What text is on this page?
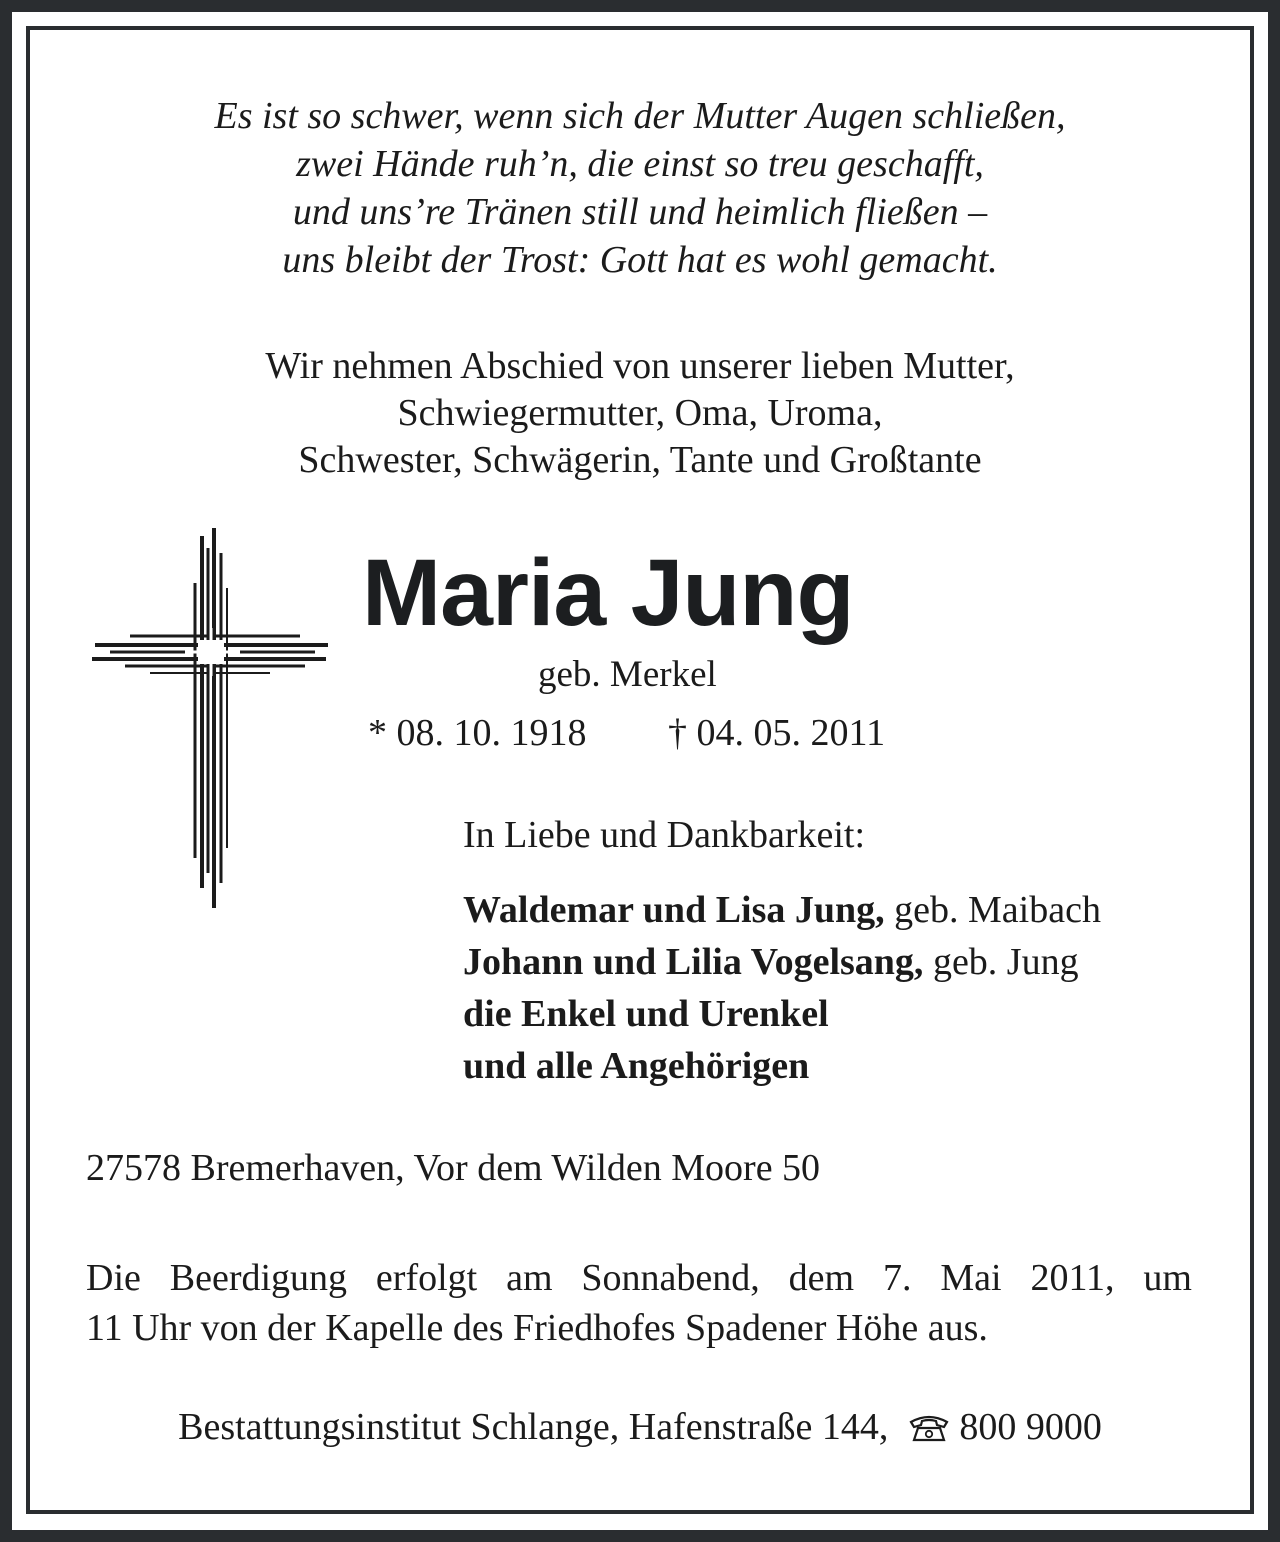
Es ist so schwer, wenn sich der Mutter Augen schließen,
zwei Hände ruh’n, die einst so treu geschafft,
und uns’re Tränen still und heimlich fließen –
uns bleibt der Trost: Gott hat es wohl gemacht.
Wir nehmen Abschied von unserer lieben Mutter,
Schwiegermutter, Oma, Uroma,
Schwester, Schwägerin, Tante und Großtante
Maria Jung
geb. Merkel
* 08. 10. 1918 † 04. 05. 2011
In Liebe und Dankbarkeit:
Waldemar und Lisa Jung, geb. Maibach
Johann und Lilia Vogelsang, geb. Jung
die Enkel und Urenkel
und alle Angehörigen
27578 Bremerhaven, Vor dem Wilden Moore 50
Die Beerdigung erfolgt am Sonnabend, dem 7. Mai 2011, um
11 Uhr von der Kapelle des Friedhofes Spadener Höhe aus.
Bestattungsinstitut Schlange, Hafenstraße 144, 800 9000
